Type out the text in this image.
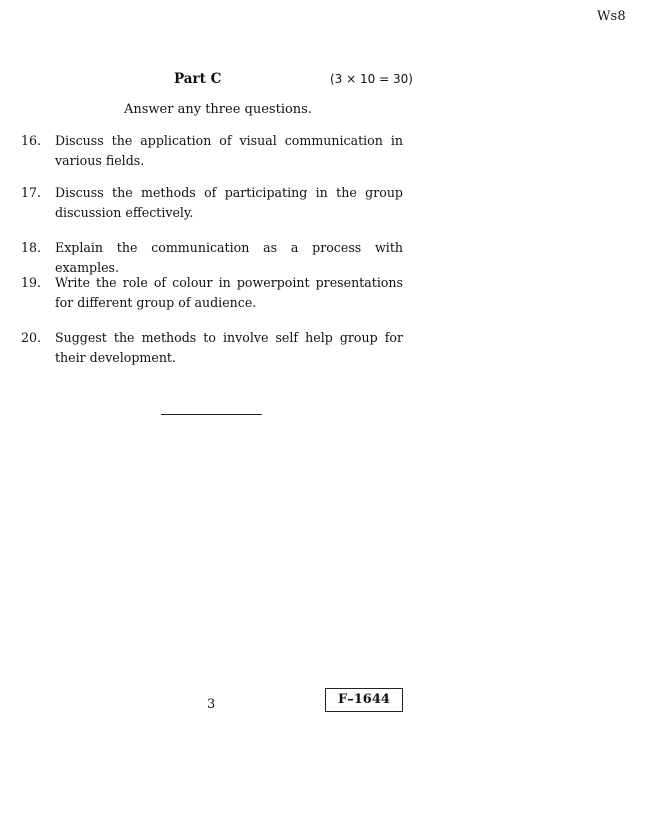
Ws8
Part C	(3 × 10 = 30)
Answer any three questions.
16.	Discuss the application of visual communication in various fields.
17.	Discuss the methods of participating in the group discussion effectively.
18.	Explain the communication as a process with examples.
19.	Write the role of colour in powerpoint presentations for different group of audience.
20.	Suggest the methods to involve self help group for their development.
3	F–1644
